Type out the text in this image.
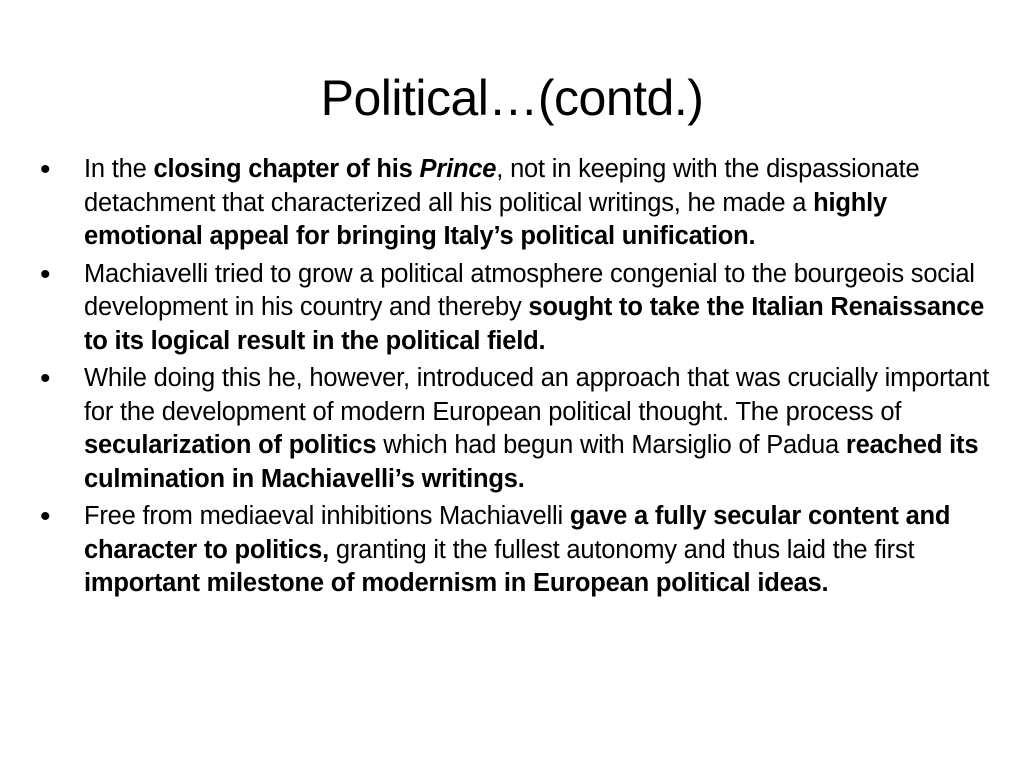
Political…(contd.)
•	In the closing chapter of his Prince, not in keeping with the dispassionate detachment that characterized all his political writings, he made a highly emotional appeal for bringing Italy’s political unification.
•	Machiavelli tried to grow a political atmosphere congenial to the bourgeois social development in his country and thereby sought to take the Italian Renaissance to its logical result in the political field.
•	While doing this he, however, introduced an approach that was crucially important for the development of modern European political thought. The process of secularization of politics which had begun with Marsiglio of Padua reached its culmination in Machiavelli’s writings.
•	Free from mediaeval inhibitions Machiavelli gave a fully secular content and character to politics, granting it the fullest autonomy and thus laid the first important milestone of modernism in European political ideas.
